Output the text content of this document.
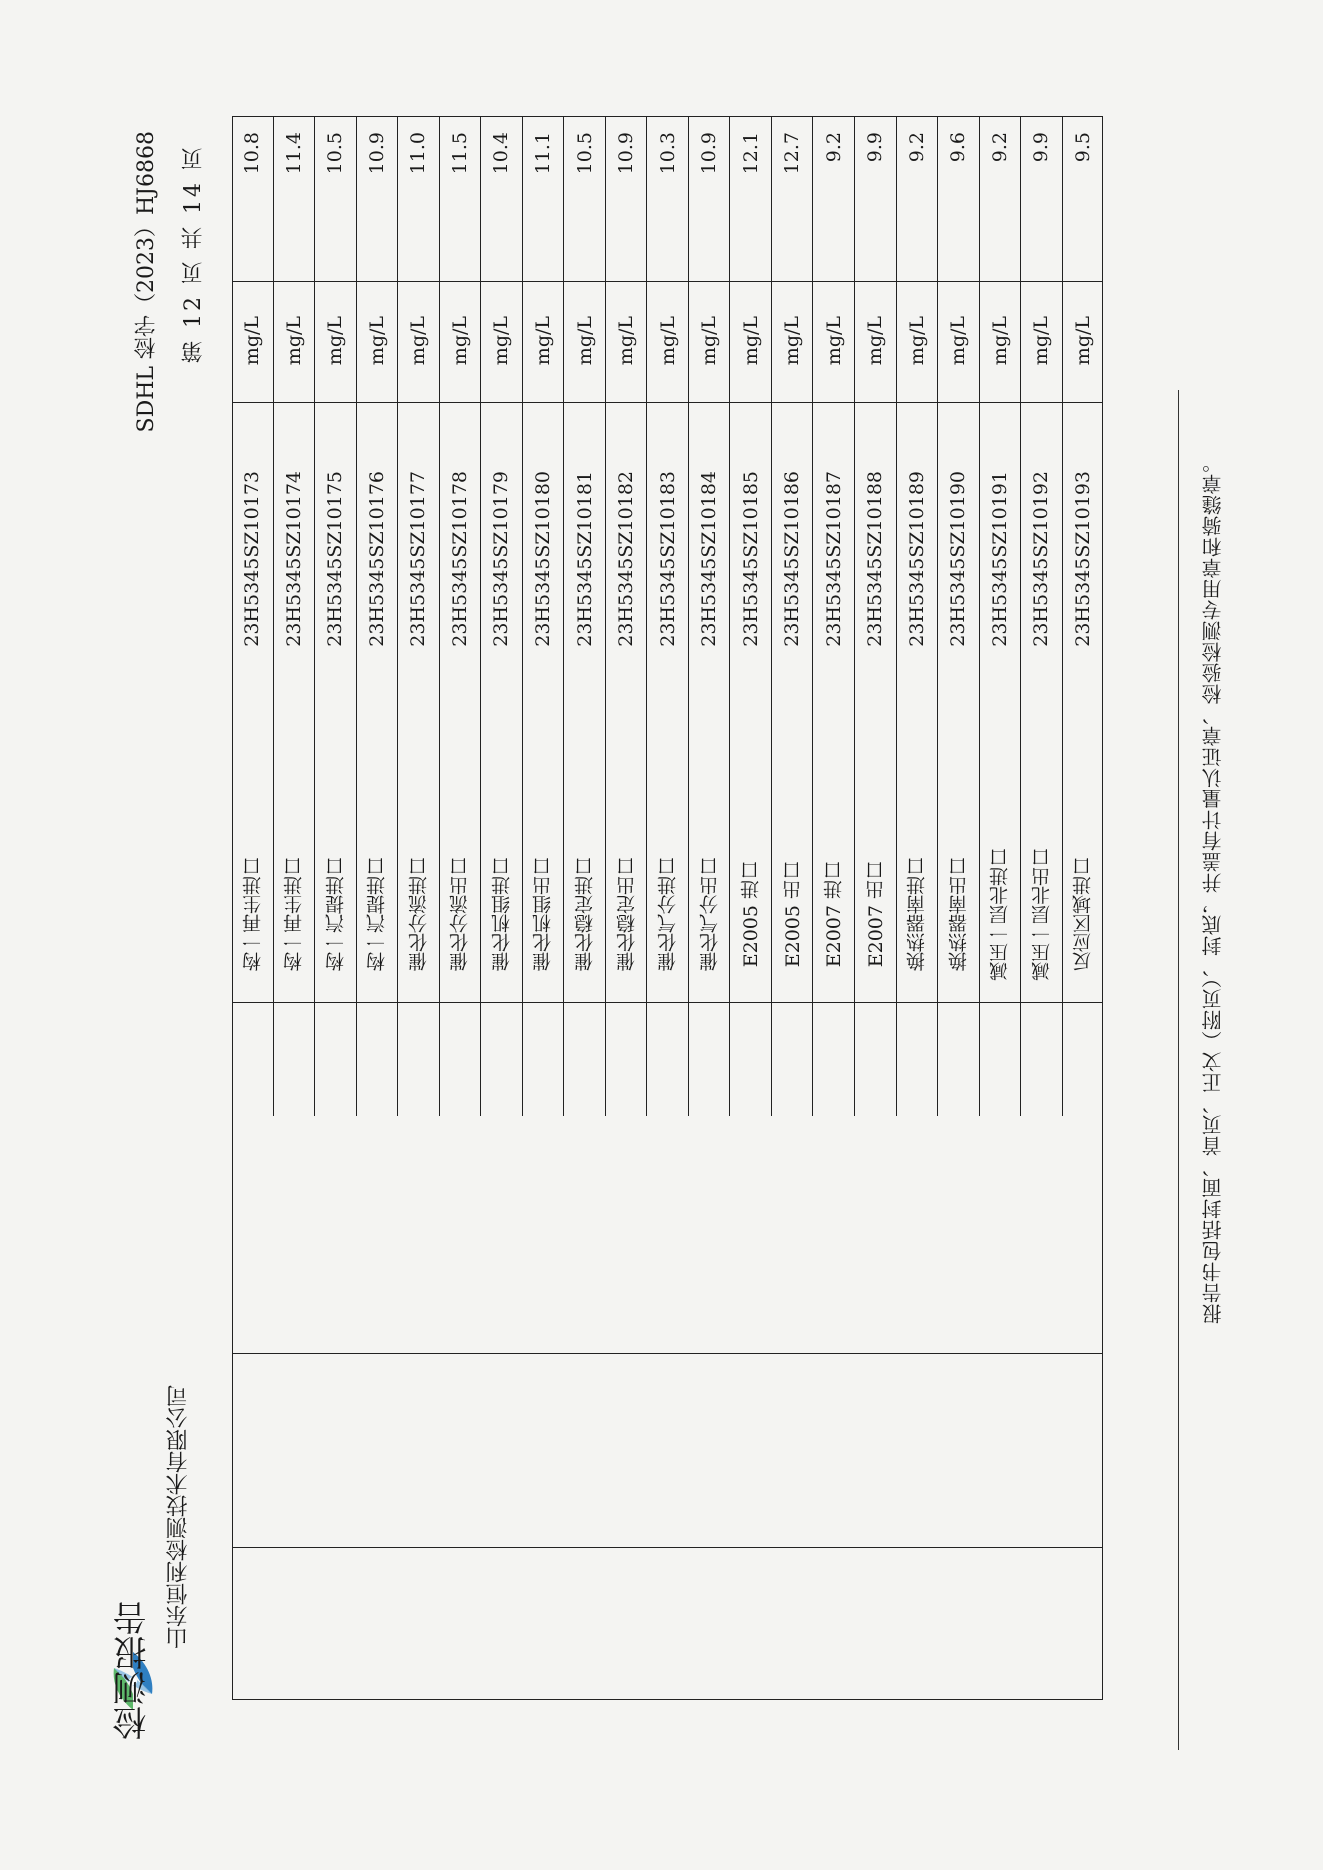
检测报告
山东恒利检测技术有限公司
SDHL 检字（2023）HJ6868 第 12 页 共 14 页 10.8
mg/L
23H5345SZ10173
构一再生进口
11.4
mg/L
23H5345SZ10174
构一再生进口
10.5
mg/L
23H5345SZ10175
构一汽提进口
10.9
mg/L
23H5345SZ10176
构一汽提进口
11.0
mg/L
23H5345SZ10177
催化分流进口
11.5
mg/L
23H5345SZ10178
催化分流出口
10.4
mg/L
23H5345SZ10179
催化机组进口
11.1
mg/L
23H5345SZ10180
催化机组出口
10.5
mg/L
23H5345SZ10181
催化稳定进口
10.9
mg/L
23H5345SZ10182
催化稳定出口
10.3
mg/L
23H5345SZ10183
催化气分进口
10.9
mg/L
23H5345SZ10184
催化气分出口
12.1
mg/L
23H5345SZ10185
E2005 进口
12.7
mg/L
23H5345SZ10186
E2005 出口
9.2
mg/L
23H5345SZ10187
E2007 进口
9.9
mg/L
23H5345SZ10188
E2007 出口
9.2
mg/L
23H5345SZ10189
换热器南进口
9.6
mg/L
23H5345SZ10190
换热器南出口
9.2
mg/L
23H5345SZ10191
减压一层北进口
9.9
mg/L
23H5345SZ10192
减压一层北出口
9.5
mg/L
23H5345SZ10193
反应区域进口	报告书包括封面、首页、正文（附页）、封底，并盖有计量认证章、检验检测专用章和骑缝章。
